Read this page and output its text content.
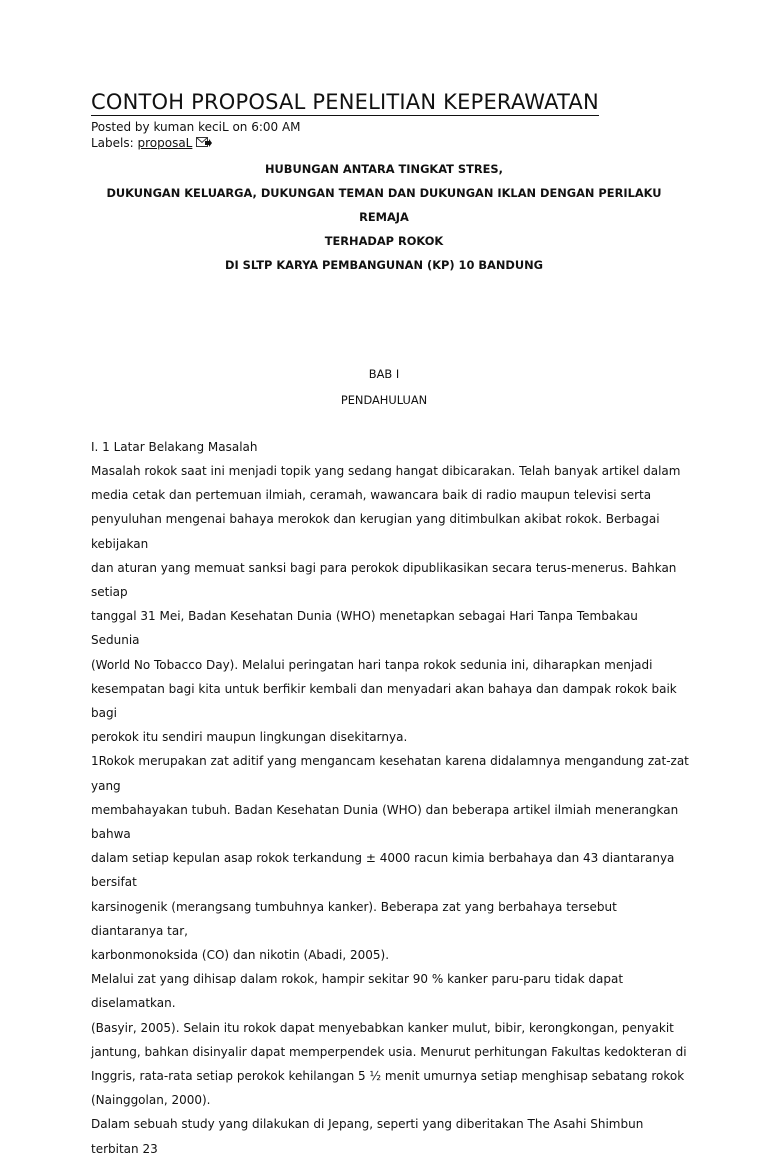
CONTOH PROPOSAL PENELITIAN KEPERAWATAN
Posted by kuman keciL on 6:00 AM
Labels: proposaL
HUBUNGAN ANTARA TINGKAT STRES,
DUKUNGAN KELUARGA, DUKUNGAN TEMAN DAN DUKUNGAN IKLAN DENGAN PERILAKU REMAJA
TERHADAP ROKOK
DI SLTP KARYA PEMBANGUNAN (KP) 10 BANDUNG
BAB I
PENDAHULUAN
I. 1 Latar Belakang Masalah

Masalah rokok saat ini menjadi topik yang sedang hangat dibicarakan. Telah banyak artikel dalam
media cetak dan pertemuan ilmiah, ceramah, wawancara baik di radio maupun televisi serta
penyuluhan mengenai bahaya merokok dan kerugian yang ditimbulkan akibat rokok. Berbagai kebijakan
dan aturan yang memuat sanksi bagi para perokok dipublikasikan secara terus-menerus. Bahkan setiap
tanggal 31 Mei, Badan Kesehatan Dunia (WHO) menetapkan sebagai Hari Tanpa Tembakau Sedunia
(World No Tobacco Day). Melalui peringatan hari tanpa rokok sedunia ini, diharapkan menjadi
kesempatan bagi kita untuk berfikir kembali dan menyadari akan bahaya dan dampak rokok baik bagi
perokok itu sendiri maupun lingkungan disekitarnya.

1Rokok merupakan zat aditif yang mengancam kesehatan karena didalamnya mengandung zat-zat yang
membahayakan tubuh. Badan Kesehatan Dunia (WHO) dan beberapa artikel ilmiah menerangkan bahwa
dalam setiap kepulan asap rokok terkandung ± 4000 racun kimia berbahaya dan 43 diantaranya bersifat
karsinogenik (merangsang tumbuhnya kanker). Beberapa zat yang berbahaya tersebut diantaranya tar,
karbonmonoksida (CO) dan nikotin (Abadi, 2005).

Melalui zat yang dihisap dalam rokok, hampir sekitar 90 % kanker paru-paru tidak dapat diselamatkan.
(Basyir, 2005). Selain itu rokok dapat menyebabkan kanker mulut, bibir, kerongkongan, penyakit
jantung, bahkan disinyalir dapat memperpendek usia. Menurut perhitungan Fakultas kedokteran di
Inggris, rata-rata setiap perokok kehilangan 5 ½ menit umurnya setiap menghisap sebatang rokok
(Nainggolan, 2000).

Dalam sebuah study yang dilakukan di Jepang, seperti yang diberitakan The Asahi Shimbun terbitan 23
